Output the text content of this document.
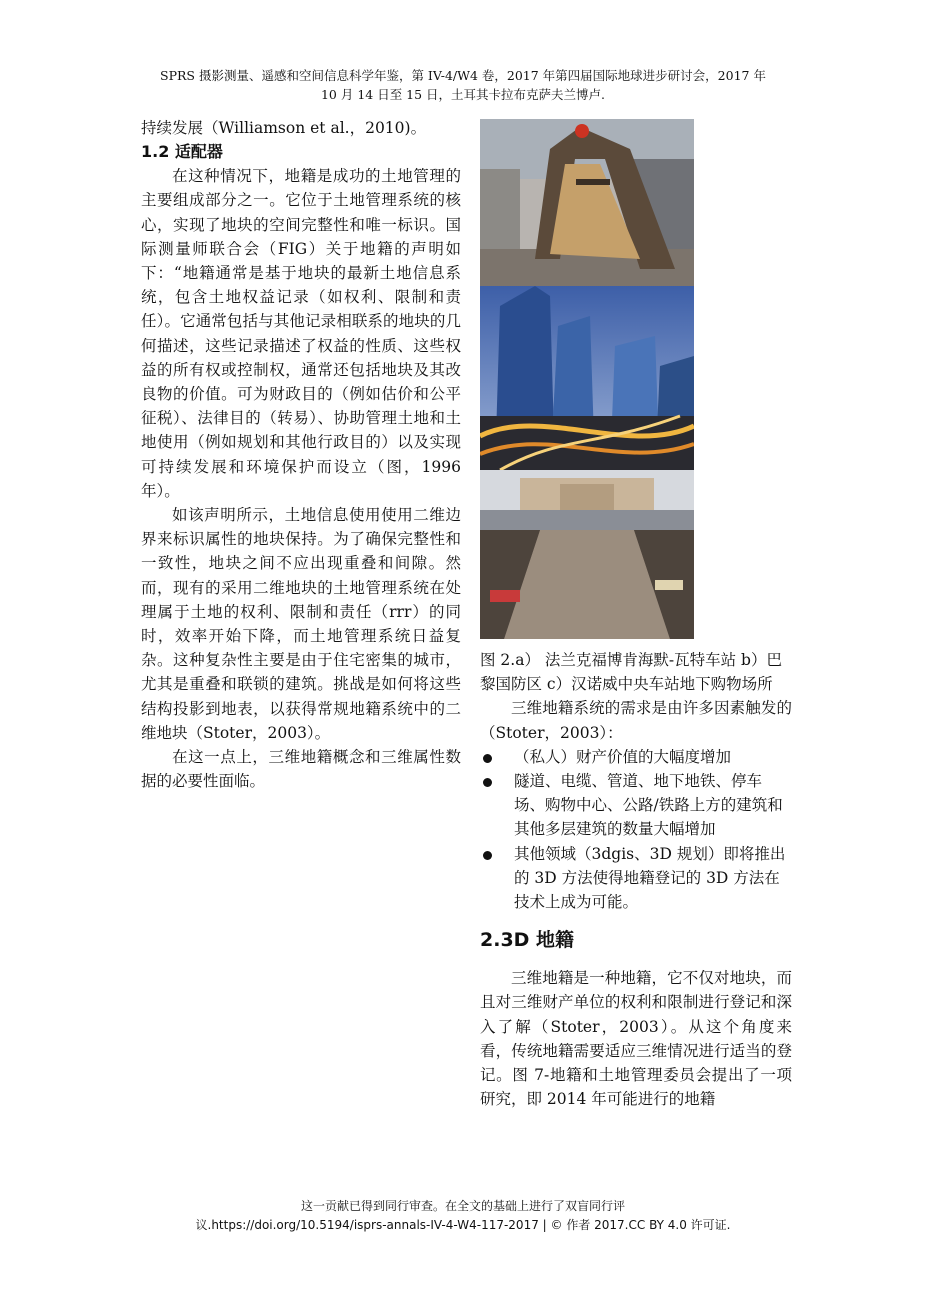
SPRS 摄影测量、遥感和空间信息科学年鉴，第 IV-4/W4 卷，2017 年第四届国际地球进步研讨会，2017 年
10 月 14 日至 15 日，土耳其卡拉布克萨夫兰博卢.

持续发展（Williamson et al.，2010)。

1.2 适配器

在这种情况下，地籍是成功的土地管理的主要组成部分之一。它位于土地管理系统的核心，实现了地块的空间完整性和唯一标识。国际测量师联合会（FIG）关于地籍的声明如下：“地籍通常是基于地块的最新土地信息系统，包含土地权益记录（如权利、限制和责任）。它通常包括与其他记录相联系的地块的几何描述，这些记录描述了权益的性质、这些权益的所有权或控制权，通常还包括地块及其改良物的价值。可为财政目的（例如估价和公平征税）、法律目的（转易）、协助管理土地和土地使用（例如规划和其他行政目的）以及实现可持续发展和环境保护而设立（图，1996 年）。

如该声明所示，土地信息使用使用二维边界来标识属性的地块保持。为了确保完整性和一致性，地块之间不应出现重叠和间隙。然而，现有的采用二维地块的土地管理系统在处理属于土地的权利、限制和责任（rrr）的同时，效率开始下降，而土地管理系统日益复杂。这种复杂性主要是由于住宅密集的城市，尤其是重叠和联锁的建筑。挑战是如何将这些结构投影到地表，以获得常规地籍系统中的二维地块（Stoter，2003）。

在这一点上，三维地籍概念和三维属性数据的必要性面临。

图 2.a） 法兰克福博肯海默-瓦特车站 b）巴黎国防区 c）汉诺威中央车站地下购物场所

三维地籍系统的需求是由许多因素触发的（Stoter，2003）：

（私人）财产价值的大幅度增加
隧道、电缆、管道、地下地铁、停车场、购物中心、公路/铁路上方的建筑和其他多层建筑的数量大幅增加
其他领域（3dgis、3D 规划）即将推出的 3D 方法使得地籍登记的 3D 方法在技术上成为可能。
2.3D 地籍

三维地籍是一种地籍，它不仅对地块，而且对三维财产单位的权利和限制进行登记和深入了解（Stoter，2003）。从这个角度来看，传统地籍需要适应三维情况进行适当的登记。图 7-地籍和土地管理委员会提出了一项研究，即 2014 年可能进行的地籍

这一贡献已得到同行审查。在全文的基础上进行了双盲同行评
议.https://doi.org/10.5194/isprs-annals-IV-4-W4-117-2017 | © 作者 2017.CC BY 4.0 许可证.
